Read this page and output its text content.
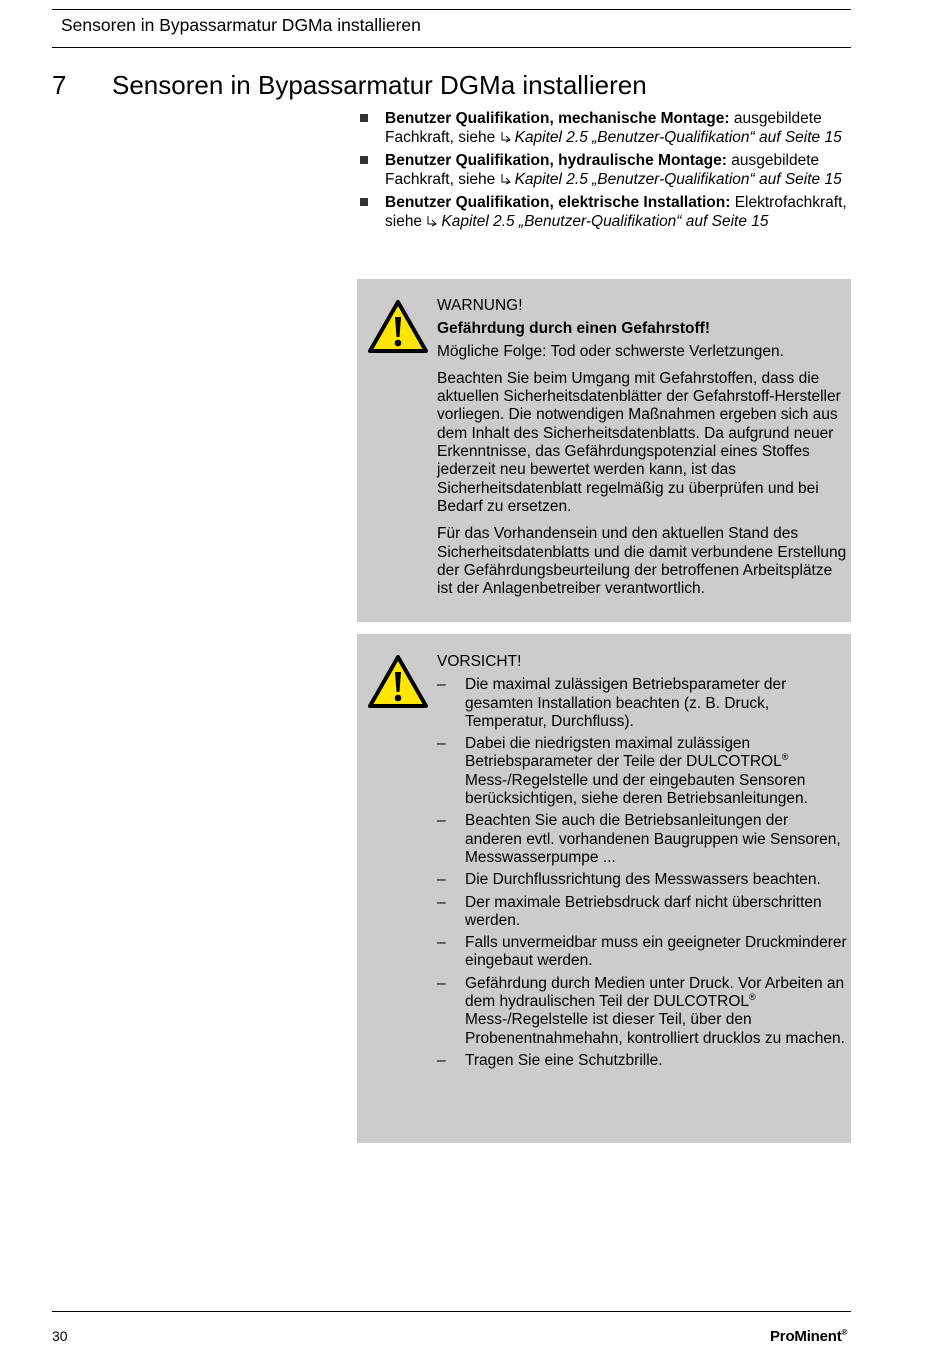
Sensoren in Bypassarmatur DGMa installieren
7 Sensoren in Bypassarmatur DGMa installieren
Benutzer Qualifikation, mechanische Montage: ausgebildete Fachkraft, siehe Kapitel 2.5 „Benutzer-Qualifikation“ auf Seite 15
Benutzer Qualifikation, hydraulische Montage: ausgebildete Fachkraft, siehe Kapitel 2.5 „Benutzer-Qualifikation“ auf Seite 15
Benutzer Qualifikation, elektrische Installation: Elektrofachkraft, siehe Kapitel 2.5 „Benutzer-Qualifikation“ auf Seite 15

WARNUNG!

Gefährdung durch einen Gefahrstoff!

Mögliche Folge: Tod oder schwerste Verletzungen.

Beachten Sie beim Umgang mit Gefahrstoffen, dass die aktuellen Sicherheitsdatenblätter der Gefahrstoff-Hersteller vorliegen. Die notwendigen Maßnahmen ergeben sich aus dem Inhalt des Sicherheitsdatenblatts. Da aufgrund neuer Erkenntnisse, das Gefährdungspotenzial eines Stoffes jederzeit neu bewertet werden kann, ist das Sicherheitsdatenblatt regelmäßig zu überprüfen und bei Bedarf zu ersetzen.

Für das Vorhandensein und den aktuellen Stand des Sicherheitsdatenblatts und die damit verbundene Erstellung der Gefährdungsbeurteilung der betroffenen Arbeitsplätze ist der Anlagenbetreiber verantwortlich.

VORSICHT!

– Die maximal zulässigen Betriebsparameter der gesamten Installation beachten (z. B. Druck, Temperatur, Durchfluss).
– Dabei die niedrigsten maximal zulässigen Betriebsparameter der Teile der DULCOTROL® Mess-/Regelstelle und der eingebauten Sensoren berücksichtigen, siehe deren Betriebsanleitungen.
– Beachten Sie auch die Betriebsanleitungen der anderen evtl. vorhandenen Baugruppen wie Sensoren, Messwasserpumpe ...
– Die Durchflussrichtung des Messwassers beachten.
– Der maximale Betriebsdruck darf nicht überschritten werden.
– Falls unvermeidbar muss ein geeigneter Druckminderer eingebaut werden.
– Gefährdung durch Medien unter Druck. Vor Arbeiten an dem hydraulischen Teil der DULCOTROL® Mess-/Regelstelle ist dieser Teil, über den Probenentnahmehahn, kontrolliert drucklos zu machen.
– Tragen Sie eine Schutzbrille.
30	ProMinent®
